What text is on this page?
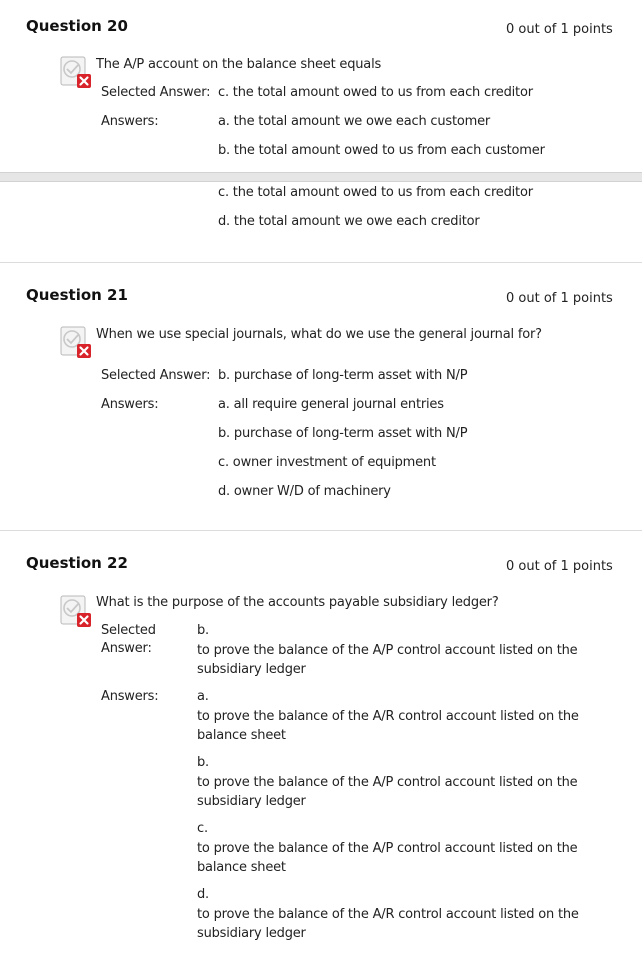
Question 20	0 out of 1 points
The A/P account on the balance sheet equals
Selected Answer: c. the total amount owed to us from each creditor
Answers:	a. the total amount we owe each customer
b. the total amount owed to us from each customer
c. the total amount owed to us from each creditor
d. the total amount we owe each creditor
Question 21	0 out of 1 points
When we use special journals, what do we use the general journal for?
Selected Answer: b. purchase of long-term asset with N/P
Answers:	a. all require general journal entries
b. purchase of long-term asset with N/P
c. owner investment of equipment
d. owner W/D of machinery
Question 22	0 out of 1 points
What is the purpose of the accounts payable subsidiary ledger?
Selected
Answer:
b.
to prove the balance of the A/P control account listed on the subsidiary ledger
Answers:	a.
to prove the balance of the A/R control account listed on the balance sheet
b.
to prove the balance of the A/P control account listed on the subsidiary ledger
c.
to prove the balance of the A/P control account listed on the balance sheet
d.
to prove the balance of the A/R control account listed on the subsidiary ledger
